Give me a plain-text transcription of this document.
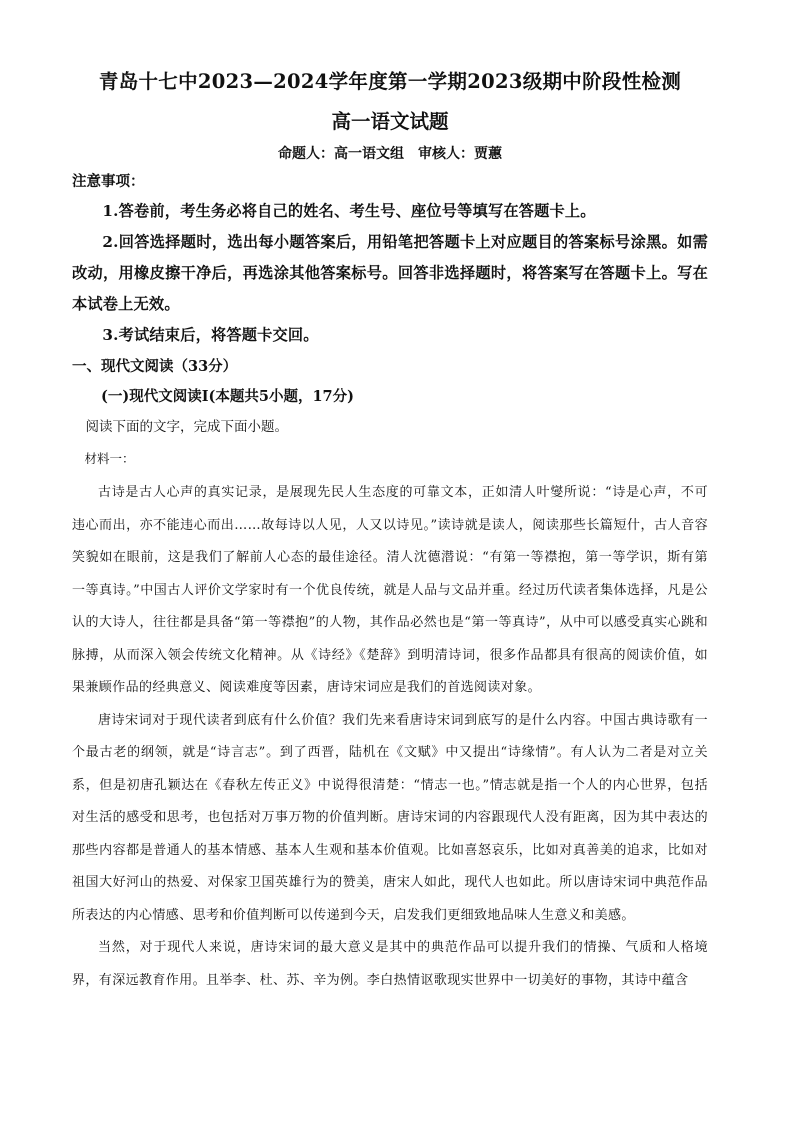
青岛十七中2023—2024学年度第一学期2023级期中阶段性检测
高一语文试题

命题人：高一语文组　审核人：贾蕙

注意事项：

1.答卷前，考生务必将自己的姓名、考生号、座位号等填写在答题卡上。

2.回答选择题时，选出每小题答案后，用铅笔把答题卡上对应题目的答案标号涂黑。如需改动，用橡皮擦干净后，再选涂其他答案标号。回答非选择题时，将答案写在答题卡上。写在本试卷上无效。

3.考试结束后，将答题卡交回。

一、现代文阅读（33分）

(一)现代文阅读Ⅰ(本题共5小题，17分)

阅读下面的文字，完成下面小题。

材料一：

古诗是古人心声的真实记录，是展现先民人生态度的可靠文本，正如清人叶燮所说：“诗是心声，不可违心而出，亦不能违心而出……故每诗以人见，人又以诗见。”读诗就是读人，阅读那些长篇短什，古人音容笑貌如在眼前，这是我们了解前人心态的最佳途径。清人沈德潜说：“有第一等襟抱，第一等学识，斯有第一等真诗。”中国古人评价文学家时有一个优良传统，就是人品与文品并重。经过历代读者集体选择，凡是公认的大诗人，往往都是具备“第一等襟抱”的人物，其作品必然也是“第一等真诗”，从中可以感受真实心跳和脉搏，从而深入领会传统文化精神。从《诗经》《楚辞》到明清诗词，很多作品都具有很高的阅读价值，如果兼顾作品的经典意义、阅读难度等因素，唐诗宋词应是我们的首选阅读对象。

唐诗宋词对于现代读者到底有什么价值？我们先来看唐诗宋词到底写的是什么内容。中国古典诗歌有一个最古老的纲领，就是“诗言志”。到了西晋，陆机在《文赋》中又提出“诗缘情”。有人认为二者是对立关系，但是初唐孔颖达在《春秋左传正义》中说得很清楚：“情志一也。”情志就是指一个人的内心世界，包括对生活的感受和思考，也包括对万事万物的价值判断。唐诗宋词的内容跟现代人没有距离，因为其中表达的那些内容都是普通人的基本情感、基本人生观和基本价值观。比如喜怒哀乐，比如对真善美的追求，比如对祖国大好河山的热爱、对保家卫国英雄行为的赞美，唐宋人如此，现代人也如此。所以唐诗宋词中典范作品所表达的内心情感、思考和价值判断可以传递到今天，启发我们更细致地品味人生意义和美感。

当然，对于现代人来说，唐诗宋词的最大意义是其中的典范作品可以提升我们的情操、气质和人格境界，有深远教育作用。且举李、杜、苏、辛为例。李白热情讴歌现实世界中一切美好的事物，其诗中蕴含
